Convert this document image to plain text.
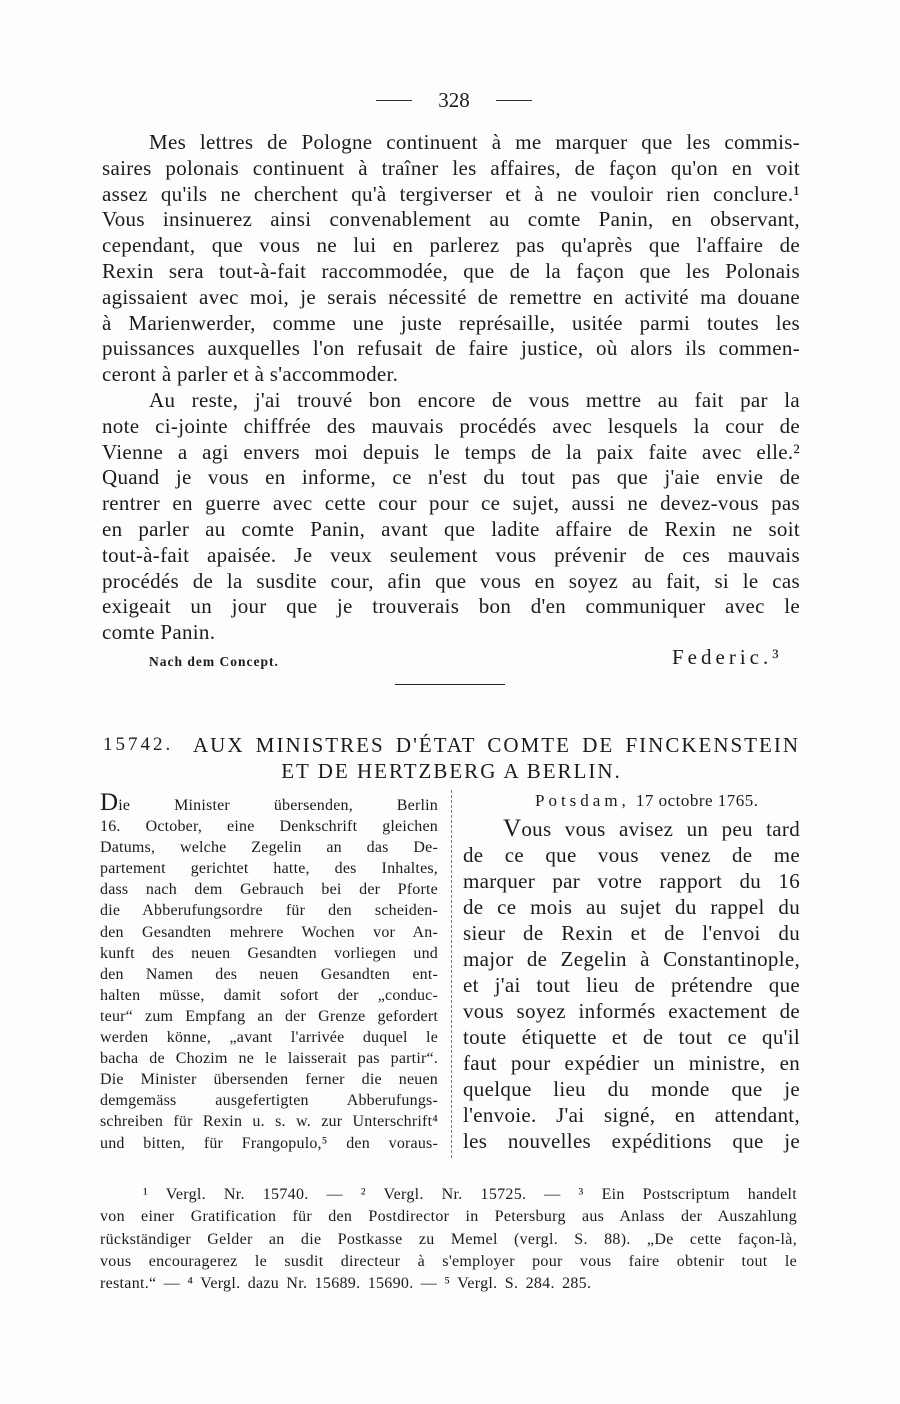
328
Mes lettres de Pologne continuent à me marquer que les commis-
saires polonais continuent à traîner les affaires, de façon qu'on en voit
assez qu'ils ne cherchent qu'à tergiverser et à ne vouloir rien conclure.¹
Vous insinuerez ainsi convenablement au comte Panin, en observant,
cependant, que vous ne lui en parlerez pas qu'après que l'affaire de
Rexin sera tout-à-fait raccommodée, que de la façon que les Polonais
agissaient avec moi, je serais nécessité de remettre en activité ma douane
à Marienwerder, comme une juste représaille, usitée parmi toutes les
puissances auxquelles l'on refusait de faire justice, où alors ils commen-
ceront à parler et à s'accommoder.
Au reste, j'ai trouvé bon encore de vous mettre au fait par la
note ci-jointe chiffrée des mauvais procédés avec lesquels la cour de
Vienne a agi envers moi depuis le temps de la paix faite avec elle.²
Quand je vous en informe, ce n'est du tout pas que j'aie envie de
rentrer en guerre avec cette cour pour ce sujet, aussi ne devez-vous pas
en parler au comte Panin, avant que ladite affaire de Rexin ne soit
tout-à-fait apaisée. Je veux seulement vous prévenir de ces mauvais
procédés de la susdite cour, afin que vous en soyez au fait, si le cas
exigeait un jour que je trouverais bon d'en communiquer avec le
comte Panin.
Nach dem Concept.	Federic.³
15742. AUX MINISTRES D'ÉTAT COMTE DE FINCKENSTEIN
ET DE HERTZBERG A BERLIN.
Die Minister übersenden, Berlin
16. October, eine Denkschrift gleichen
Datums, welche Zegelin an das De-
partement gerichtet hatte, des Inhaltes,
dass nach dem Gebrauch bei der Pforte
die Abberufungsordre für den scheiden-
den Gesandten mehrere Wochen vor An-
kunft des neuen Gesandten vorliegen und
den Namen des neuen Gesandten ent-
halten müsse, damit sofort der „conduc-
teur“ zum Empfang an der Grenze gefordert
werden könne, „avant l'arrivée duquel le
bacha de Chozim ne le laisserait pas partir“.
Die Minister übersenden ferner die neuen
demgemäss ausgefertigten Abberufungs-
schreiben für Rexin u. s. w. zur Unterschrift⁴
und bitten, für Frangopulo,⁵ den voraus-
Potsdam, 17 octobre 1765.
Vous vous avisez un peu tard
de ce que vous venez de me
marquer par votre rapport du 16
de ce mois au sujet du rappel du
sieur de Rexin et de l'envoi du
major de Zegelin à Constantinople,
et j'ai tout lieu de prétendre que
vous soyez informés exactement de
toute étiquette et de tout ce qu'il
faut pour expédier un ministre, en
quelque lieu du monde que je
l'envoie. J'ai signé, en attendant,
les nouvelles expéditions que je
¹ Vergl. Nr. 15740. — ² Vergl. Nr. 15725. — ³ Ein Postscriptum handelt
von einer Gratification für den Postdirector in Petersburg aus Anlass der Auszahlung
rückständiger Gelder an die Postkasse zu Memel (vergl. S. 88). „De cette façon-là,
vous encouragerez le susdit directeur à s'employer pour vous faire obtenir tout le
restant.“ — ⁴ Vergl. dazu Nr. 15689. 15690. — ⁵ Vergl. S. 284. 285.
